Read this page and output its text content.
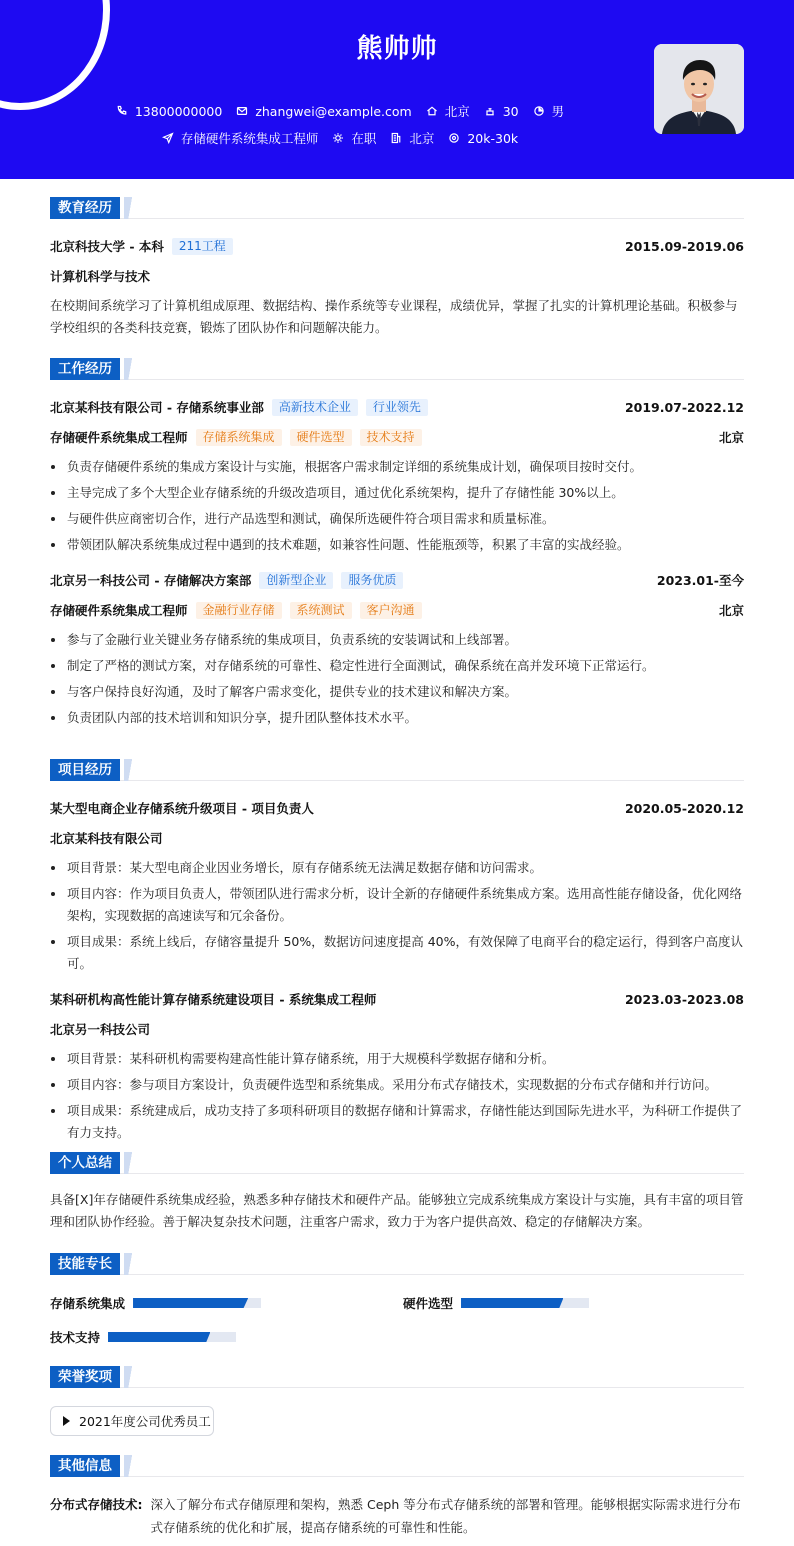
熊帅帅
13800000000	zhangwei@example.com	北京	30	男
存储硬件系统集成工程师	在职	北京	20k-30k
教育经历
北京科技大学 - 本科	211工程	2015.09-2019.06
计算机科学与技术
在校期间系统学习了计算机组成原理、数据结构、操作系统等专业课程，成绩优异，掌握了扎实的计算机理论基础。积极参与学校组织的各类科技竞赛，锻炼了团队协作和问题解决能力。
工作经历
北京某科技有限公司 - 存储系统事业部	高新技术企业	行业领先	2019.07-2022.12
存储硬件系统集成工程师	存储系统集成	硬件选型	技术支持	北京
负责存储硬件系统的集成方案设计与实施，根据客户需求制定详细的系统集成计划，确保项目按时交付。
主导完成了多个大型企业存储系统的升级改造项目，通过优化系统架构，提升了存储性能 30%以上。
与硬件供应商密切合作，进行产品选型和测试，确保所选硬件符合项目需求和质量标准。
带领团队解决系统集成过程中遇到的技术难题，如兼容性问题、性能瓶颈等，积累了丰富的实战经验。
北京另一科技公司 - 存储解决方案部	创新型企业	服务优质	2023.01-至今
存储硬件系统集成工程师	金融行业存储	系统测试	客户沟通	北京
参与了金融行业关键业务存储系统的集成项目，负责系统的安装调试和上线部署。
制定了严格的测试方案，对存储系统的可靠性、稳定性进行全面测试，确保系统在高并发环境下正常运行。
与客户保持良好沟通，及时了解客户需求变化，提供专业的技术建议和解决方案。
负责团队内部的技术培训和知识分享，提升团队整体技术水平。
项目经历
某大型电商企业存储系统升级项目 - 项目负责人	2020.05-2020.12
北京某科技有限公司
项目背景：某大型电商企业因业务增长，原有存储系统无法满足数据存储和访问需求。
项目内容：作为项目负责人，带领团队进行需求分析，设计全新的存储硬件系统集成方案。选用高性能存储设备，优化网络架构，实现数据的高速读写和冗余备份。
项目成果：系统上线后，存储容量提升 50%，数据访问速度提高 40%，有效保障了电商平台的稳定运行，得到客户高度认可。
某科研机构高性能计算存储系统建设项目 - 系统集成工程师	2023.03-2023.08
北京另一科技公司
项目背景：某科研机构需要构建高性能计算存储系统，用于大规模科学数据存储和分析。
项目内容：参与项目方案设计，负责硬件选型和系统集成。采用分布式存储技术，实现数据的分布式存储和并行访问。
项目成果：系统建成后，成功支持了多项科研项目的数据存储和计算需求，存储性能达到国际先进水平，为科研工作提供了有力支持。
个人总结
具备[X]年存储硬件系统集成经验，熟悉多种存储技术和硬件产品。能够独立完成系统集成方案设计与实施，具有丰富的项目管理和团队协作经验。善于解决复杂技术问题，注重客户需求，致力于为客户提供高效、稳定的存储解决方案。
技能专长
存储系统集成	硬件选型
技术支持
荣誉奖项
2021年度公司优秀员工
其他信息
分布式存储技术: 深入了解分布式存储原理和架构，熟悉 Ceph 等分布式存储系统的部署和管理。能够根据实际需求进行分布式存储系统的优化和扩展，提高存储系统的可靠性和性能。
